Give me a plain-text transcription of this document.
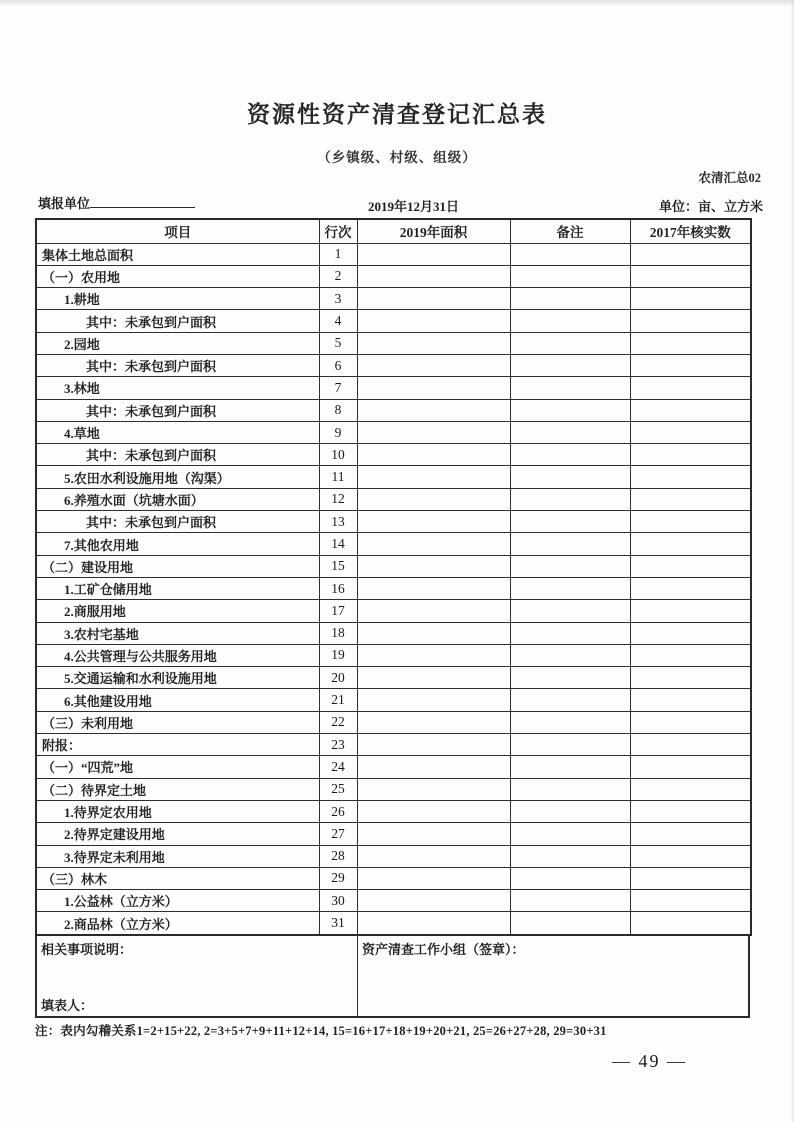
资源性资产清查登记汇总表
（乡镇级、村级、组级）
农清汇总02
填报单位	2019年12月31日	单位：亩、立方米
项目	行次	2019年面积	备注	2017年核实数
集体土地总面积	1			
（一）农用地	2			
1.耕地	3			
其中：未承包到户面积	4			
2.园地	5			
其中：未承包到户面积	6			
3.林地	7			
其中：未承包到户面积	8			
4.草地	9			
其中：未承包到户面积	10			
5.农田水利设施用地（沟渠）	11			
6.养殖水面（坑塘水面）	12			
其中：未承包到户面积	13			
7.其他农用地	14			
（二）建设用地	15			
1.工矿仓储用地	16			
2.商服用地	17			
3.农村宅基地	18			
4.公共管理与公共服务用地	19			
5.交通运输和水利设施用地	20			
6.其他建设用地	21			
（三）未利用地	22			
附报：	23			
（一）“四荒”地	24			
（二）待界定土地	25			
1.待界定农用地	26			
2.待界定建设用地	27			
3.待界定未利用地	28			
（三）林木	29			
1.公益林（立方米）	30			
2.商品林（立方米）	31			
相关事项说明：
填表人：
资产清查工作小组（签章）：
注：表内勾稽关系1=2+15+22, 2=3+5+7+9+11+12+14, 15=16+17+18+19+20+21, 25=26+27+28, 29=30+31
— 49 —
